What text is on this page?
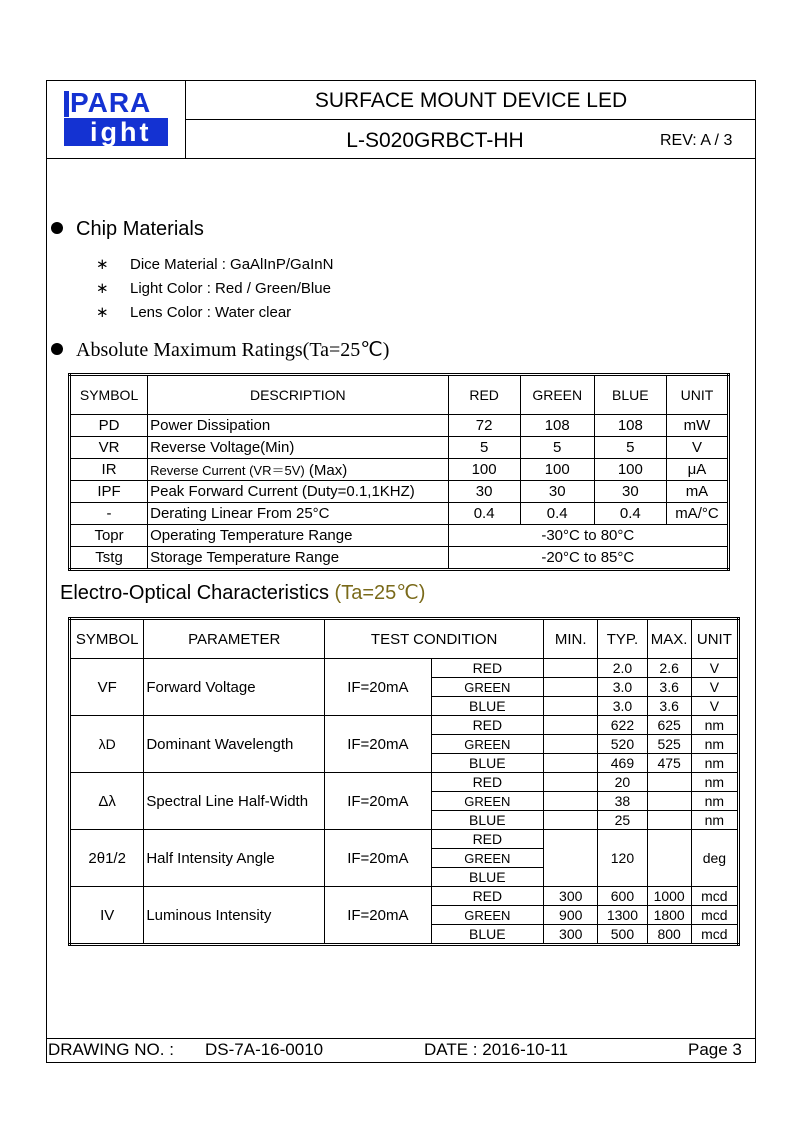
PARA
ight
SURFACE MOUNT DEVICE LED
L-S020GRBCT-HH	REV: A / 3
Chip Materials
∗ Dice Material : GaAlInP/GaInN
∗ Light Color : Red / Green/Blue
∗ Lens Color : Water clear
Absolute Maximum Ratings(Ta=25℃)
SYMBOL	DESCRIPTION	RED	GREEN	BLUE	UNIT
PD	Power Dissipation	72	108	108	mW
VR	Reverse Voltage(Min)	5	5	5	V
IR	Reverse Current (VR＝5V) (Max)	100	100	100	μA
IPF	Peak Forward Current (Duty=0.1,1KHZ)	30	30	30	mA
-	Derating Linear From 25°C	0.4	0.4	0.4	mA/°C
Topr	Operating Temperature Range	-30°C to 80°C			
Tstg	Storage Temperature Range	-20°C to 85°C			
Electro-Optical Characteristics (Ta=25℃)
SYMBOL	PARAMETER	TEST CONDITION		MIN.	TYP.	MAX.	UNIT
VF	Forward Voltage	IF=20mA	RED		2.0	2.6	V
			GREEN		3.0	3.6	V
			BLUE		3.0	3.6	V
λD	Dominant Wavelength	IF=20mA	RED		622	625	nm
			GREEN		520	525	nm
			BLUE		469	475	nm
Δλ	Spectral Line Half-Width	IF=20mA	RED		20		nm
			GREEN		38		nm
			BLUE		25		nm
2θ1/2	Half Intensity Angle	IF=20mA	RED		120		deg
			GREEN				
			BLUE				
IV	Luminous Intensity	IF=20mA	RED	300	600	1000	mcd
			GREEN	900	1300	1800	mcd
			BLUE	300	500	800	mcd
DRAWING NO. : DS-7A-16-0010	DATE : 2016-10-11	Page 3
